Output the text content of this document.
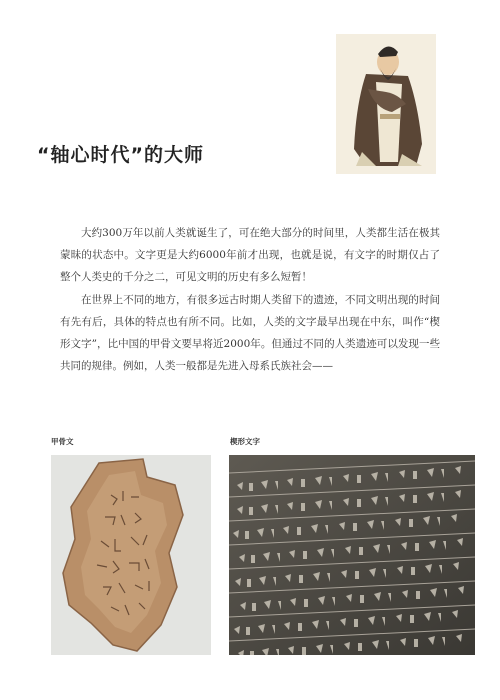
“轴心时代”的大师

大约300万年以前人类就诞生了，可在绝大部分的时间里，人类都生活在极其蒙昧的状态中。文字更是大约6000年前才出现，也就是说，有文字的时期仅占了整个人类史的千分之二，可见文明的历史有多么短暂！

在世界上不同的地方，有很多远古时期人类留下的遗迹，不同文明出现的时间有先有后，具体的特点也有所不同。比如，人类的文字最早出现在中东，叫作“楔形文字”，比中国的甲骨文要早将近2000年。但通过不同的人类遗迹可以发现一些共同的规律。例如，人类一般都是先进入母系氏族社会——

甲骨文	楔形文字
